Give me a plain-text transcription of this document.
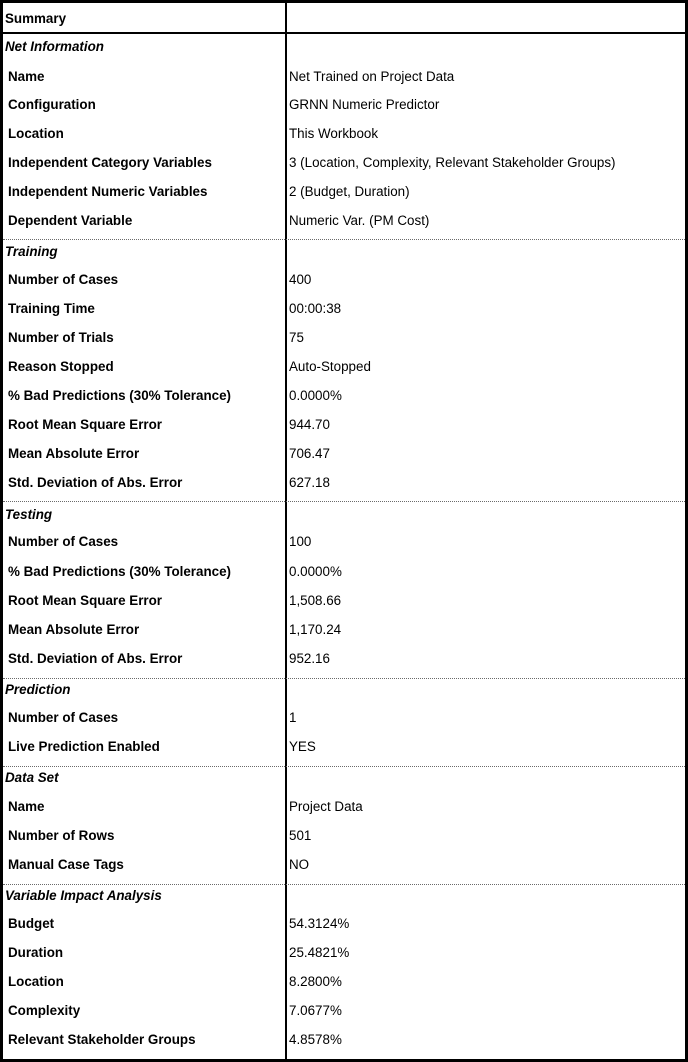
Summary
Net Information
Name	Net Trained on Project Data
Configuration	GRNN Numeric Predictor
Location	This Workbook
Independent Category Variables	3 (Location, Complexity, Relevant Stakeholder Groups)
Independent Numeric Variables	2 (Budget, Duration)
Dependent Variable	Numeric Var. (PM Cost)
Training
Number of Cases	400
Training Time	00:00:38
Number of Trials	75
Reason Stopped	Auto-Stopped
% Bad Predictions (30% Tolerance)	0.0000%
Root Mean Square Error	944.70
Mean Absolute Error	706.47
Std. Deviation of Abs. Error	627.18
Testing
Number of Cases	100
% Bad Predictions (30% Tolerance)	0.0000%
Root Mean Square Error	1,508.66
Mean Absolute Error	1,170.24
Std. Deviation of Abs. Error	952.16
Prediction
Number of Cases	1
Live Prediction Enabled	YES
Data Set
Name	Project Data
Number of Rows	501
Manual Case Tags	NO
Variable Impact Analysis
Budget	54.3124%
Duration	25.4821%
Location	8.2800%
Complexity	7.0677%
Relevant Stakeholder Groups	4.8578%
